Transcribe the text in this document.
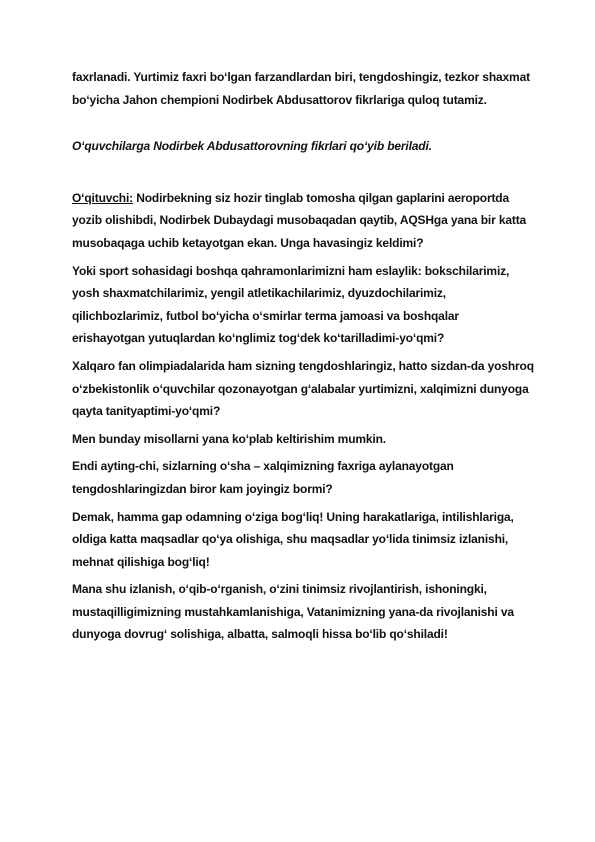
faxrlanadi. Yurtimiz faxri bo‘lgan farzandlardan biri, tengdoshingiz, tezkor shaxmat bo‘yicha Jahon chempioni Nodirbek Abdusattorov fikrlariga quloq tutamiz.

O‘quvchilarga Nodirbek Abdusattorovning fikrlari qo‘yib beriladi.

O‘qituvchi: Nodirbekning siz hozir tinglab tomosha qilgan gaplarini aeroportda yozib olishibdi, Nodirbek Dubaydagi musobaqadan qaytib, AQSHga yana bir katta musobaqaga uchib ketayotgan ekan. Unga havasingiz keldimi?

Yoki sport sohasidagi boshqa qahramonlarimizni ham eslaylik: bokschilarimiz, yosh shaxmatchilarimiz, yengil atletikachilarimiz, dyuzdochilarimiz, qilichbozlarimiz, futbol bo‘yicha o‘smirlar terma jamoasi va boshqalar erishayotgan yutuqlardan ko‘nglimiz tog‘dek ko‘tarilladimi-yo‘qmi?

Xalqaro fan olimpiadalarida ham sizning tengdoshlaringiz, hatto sizdan-da yoshroq o‘zbekistonlik o‘quvchilar qozonayotgan g‘alabalar yurtimizni, xalqimizni dunyoga qayta tanityaptimi-yo‘qmi?

Men bunday misollarni yana ko‘plab keltirishim mumkin.

Endi ayting-chi, sizlarning o‘sha – xalqimizning faxriga aylanayotgan tengdoshlaringizdan biror kam joyingiz bormi?

Demak, hamma gap odamning o‘ziga bog‘liq! Uning harakatlariga, intilishlariga, oldiga katta maqsadlar qo‘ya olishiga, shu maqsadlar yo‘lida tinimsiz izlanishi, mehnat qilishiga bog‘liq!

Mana shu izlanish, o‘qib-o‘rganish, o‘zini tinimsiz rivojlantirish, ishoningki, mustaqilligimizning mustahkamlanishiga, Vatanimizning yana-da rivojlanishi va dunyoga dovrug‘ solishiga, albatta, salmoqli hissa bo‘lib qo‘shiladi!
